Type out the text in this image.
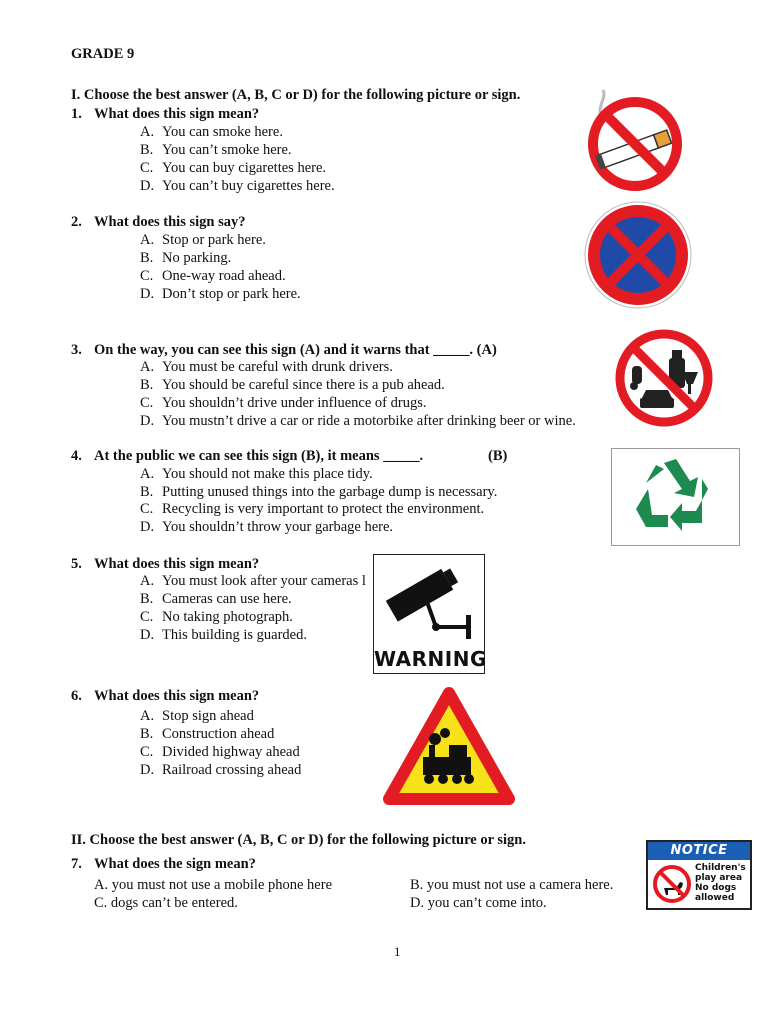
GRADE 9
I. Choose the best answer (A, B, C or D) for the following picture or sign.
1. What does this sign mean?
A. You can smoke here.
B. You can’t smoke here.
C. You can buy cigarettes here.
D. You can’t buy cigarettes here.
2. What does this sign say?
A. Stop or park here.
B. No parking.
C. One-way road ahead.
D. Don’t stop or park here.
3. On the way, you can see this sign (A) and it warns that _____. (A)
A. You must be careful with drunk drivers.
B. You should be careful since there is a pub ahead.
C. You shouldn’t drive under influence of drugs.
D. You mustn’t drive a car or ride a motorbike after drinking beer or wine.
4. At the public we can see this sign (B), it means _____.	(B)
A. You should not make this place tidy.
B. Putting unused things into the garbage dump is necessary.
C. Recycling is very important to protect the environment.
D. You shouldn’t throw your garbage here.
5. What does this sign mean?
A. You must look after your cameras l
B. Cameras can use here.
C. No taking photograph.
D. This building is guarded.
6. What does this sign mean?
A. Stop sign ahead
B. Construction ahead
C. Divided highway ahead
D. Railroad crossing ahead
II. Choose the best answer (A, B, C or D) for the following picture or sign.
7. What does the sign mean?
A. you must not use a mobile phone here	B. you must not use a camera here.
C. dogs can’t be entered.	D. you can’t come into.
1
WARNING
NOTICE
Children's
play area
No dogs
allowed
